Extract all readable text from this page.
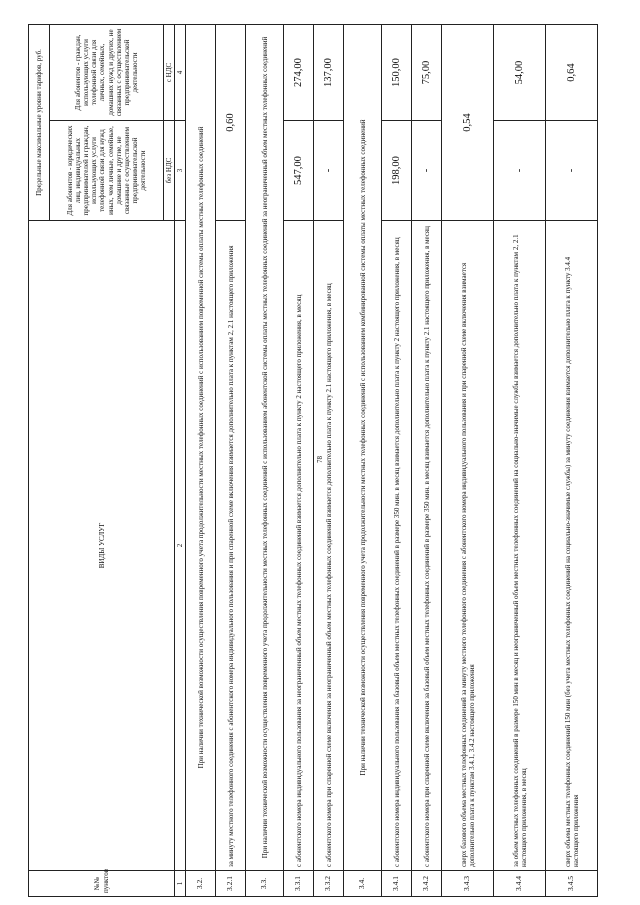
78
№№ пунктов	ВИДЫ УСЛУГ	Предельные максимальные уровни тарифов, руб.	
		Для абонентов - юридических лиц, индивидуальных предпринимателей и граждан, использующих услуги телефонной связи для нужд иных, чем личные, семейные, домашние и другие, не связанные с осуществлением предпринимательской деятельности	Для абонентов - граждан, использующих услуги телефонной связи для личных, семейных, домашних нужд и других, не связанных с осуществлением предпринимательской деятельности
		без НДС	с НДС
1	2	3	4
3.2.	При наличии технической возможности осуществления повременного учета продолжительности местных телефонных соединений с использованием повременной системы оплаты местных телефонных соединений		
3.2.1	за минуту местного телефонного соединения с абонентского номера индивидуального пользования и при спаренной схеме включения взимается дополнительно плата к пунктам 2, 2.1 настоящего приложения	0,60	
3.3.	При наличии технической возможности осуществления повременного учета продолжительности местных телефонных соединений с использованием абонентской системы оплаты местных телефонных соединений за неограниченный объем местных телефонных соединений		
3.3.1	с абонентского номера индивидуального пользования за неограниченный объем местных телефонных соединений взимается дополнительно плата к пункту 2 настоящего приложения, в месяц	547,00	274,00
3.3.2	с абонентского номера при спаренной схеме включения за неограниченный объем местных телефонных соединений взимается дополнительно плата к пункту 2.1 настоящего приложения, в месяц	-	137,00
3.4.	При наличии технической возможности осуществления повременного учета продолжительности местных телефонных соединений с использованием комбинированной системы оплаты местных телефонных соединений		
3.4.1	с абонентского номера индивидуального пользования за базовый объем местных телефонных соединений в размере 350 мин. в месяц взимается дополнительно плата к пункту 2 настоящего приложения, в месяц	198,00	150,00
3.4.2	с абонентского номера при спаренной схеме включения за базовый объем местных телефонных соединений в размере 350 мин. в месяц взимается дополнительно плата к пункту 2.1 настоящего приложения, в месяц	-	75,00
3.4.3	сверх базового объема местных телефонных соединений за минуту местного телефонного соединения с абонентского номера индивидуального пользования и при спаренной схеме включения взимается дополнительно плата к пунктам 3.4.1, 3.4.2 настоящего приложения	0,54	
3.4.4	за объем местных телефонных соединений в размере 150 мин в месяц и неограниченный объем местных телефонных соединений на социально-значимые службы взимается дополнительно плата к пунктам 2, 2.1 настоящего приложения, в месяц	-	54,00
3.4.5	сверх объема местных телефонных соединений 150 мин (без учета местных телефонных соединений на социально-значимые службы) за минуту соединения взимается дополнительно плата к пункту 3.4.4 настоящего приложения	-	0,64
